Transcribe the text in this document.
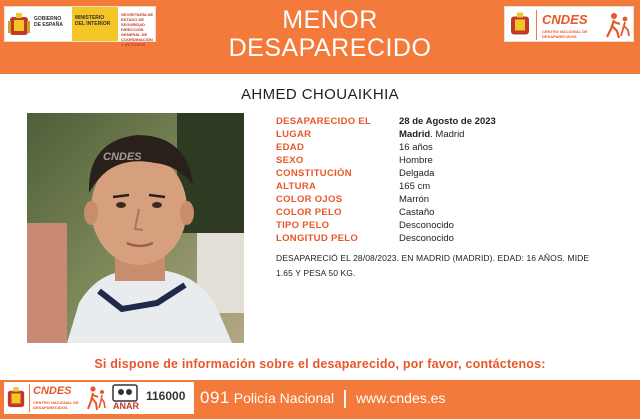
GOBIERNO DE ESPAÑA
MINISTERIO DEL INTERIOR
SECRETARÍA DE ESTADO DE SEGURIDAD
DIRECCIÓN GENERAL DE COORDINACIÓN Y ESTUDIOS
MENOR
DESAPARECIDO
CNDES
CENTRO NACIONAL DE DESAPARECIDOS
AHMED CHOUAIKHIA
CNDES
DESAPARECIDO EL	28 de Agosto de 2023
LUGAR	Madrid. Madrid
EDAD	16 años
SEXO	Hombre
CONSTITUCIÓN	Delgada
ALTURA	165 cm
COLOR OJOS	Marrón
COLOR PELO	Castaño
TIPO PELO	Desconocido
LONGITUD PELO	Desconocido
DESAPARECIÓ EL 28/08/2023. EN MADRID (MADRID). EDAD: 16 AÑOS. MIDE
1.65 Y PESA 50 KG.
Si dispone de información sobre el desaparecido, por favor, contáctenos:
CNDES
CENTRO NACIONAL DE DESAPARECIDOS	ANAR
116000 091 Policía Nacional www.cndes.es
